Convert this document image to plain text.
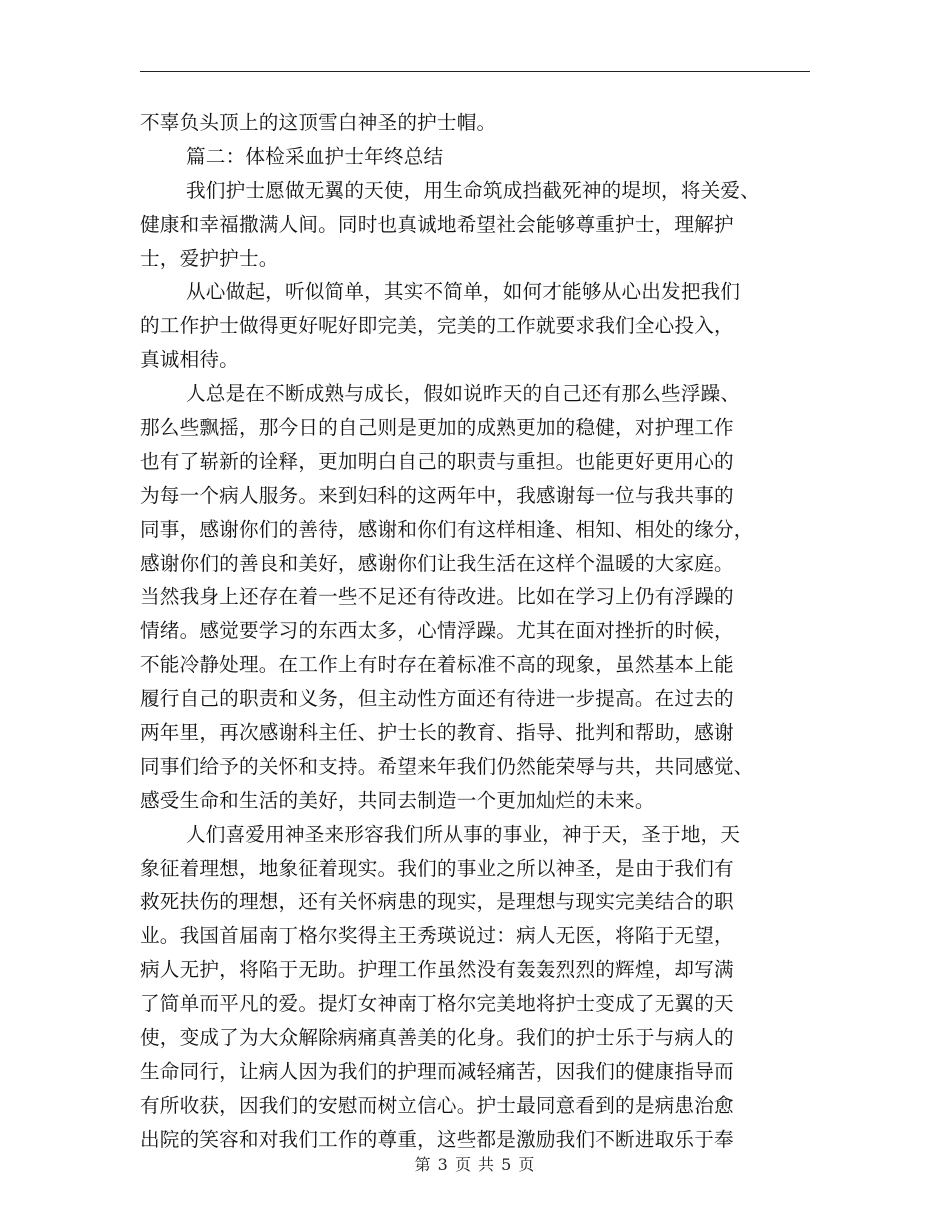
不辜负头顶上的这顶雪白神圣的护士帽。
篇二：体检采血护士年终总结
我们护士愿做无翼的天使，用生命筑成挡截死神的堤坝，将关爱、
健康和幸福撒满人间。同时也真诚地希望社会能够尊重护士，理解护
士，爱护护士。
从心做起，听似简单，其实不简单，如何才能够从心出发把我们
的工作护士做得更好呢好即完美，完美的工作就要求我们全心投入，
真诚相待。
人总是在不断成熟与成长，假如说昨天的自己还有那么些浮躁、
那么些飘摇，那今日的自己则是更加的成熟更加的稳健，对护理工作
也有了崭新的诠释，更加明白自己的职责与重担。也能更好更用心的
为每一个病人服务。来到妇科的这两年中，我感谢每一位与我共事的
同事，感谢你们的善待，感谢和你们有这样相逢、相知、相处的缘分，
感谢你们的善良和美好，感谢你们让我生活在这样个温暖的大家庭。
当然我身上还存在着一些不足还有待改进。比如在学习上仍有浮躁的
情绪。感觉要学习的东西太多，心情浮躁。尤其在面对挫折的时候，
不能冷静处理。在工作上有时存在着标准不高的现象，虽然基本上能
履行自己的职责和义务，但主动性方面还有待进一步提高。在过去的
两年里，再次感谢科主任、护士长的教育、指导、批判和帮助，感谢
同事们给予的关怀和支持。希望来年我们仍然能荣辱与共，共同感觉、
感受生命和生活的美好，共同去制造一个更加灿烂的未来。
人们喜爱用神圣来形容我们所从事的事业，神于天，圣于地，天
象征着理想，地象征着现实。我们的事业之所以神圣，是由于我们有
救死扶伤的理想，还有关怀病患的现实，是理想与现实完美结合的职
业。我国首届南丁格尔奖得主王秀瑛说过：病人无医，将陷于无望，
病人无护，将陷于无助。护理工作虽然没有轰轰烈烈的辉煌，却写满
了简单而平凡的爱。提灯女神南丁格尔完美地将护士变成了无翼的天
使，变成了为大众解除病痛真善美的化身。我们的护士乐于与病人的
生命同行，让病人因为我们的护理而减轻痛苦，因我们的健康指导而
有所收获，因我们的安慰而树立信心。护士最同意看到的是病患治愈
出院的笑容和对我们工作的尊重，这些都是激励我们不断进取乐于奉
第 3 页 共 5 页
